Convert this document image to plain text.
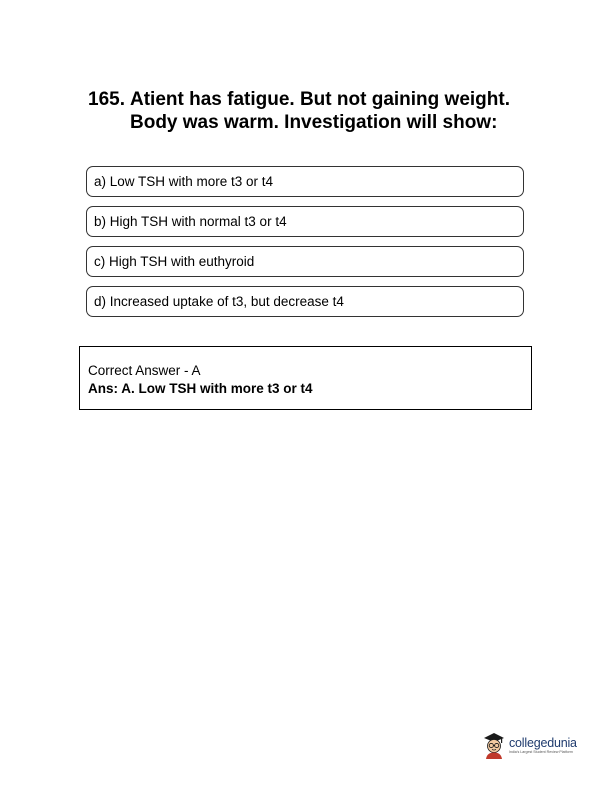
165. Atient has fatigue. But not gaining weight. Body was warm. Investigation will show:
a) Low TSH with more t3 or t4
b) High TSH with normal t3 or t4
c) High TSH with euthyroid
d) Increased uptake of t3, but decrease t4
Correct Answer - A
Ans: A. Low TSH with more t3 or t4
collegedunia
India's Largest Student Review Platform
